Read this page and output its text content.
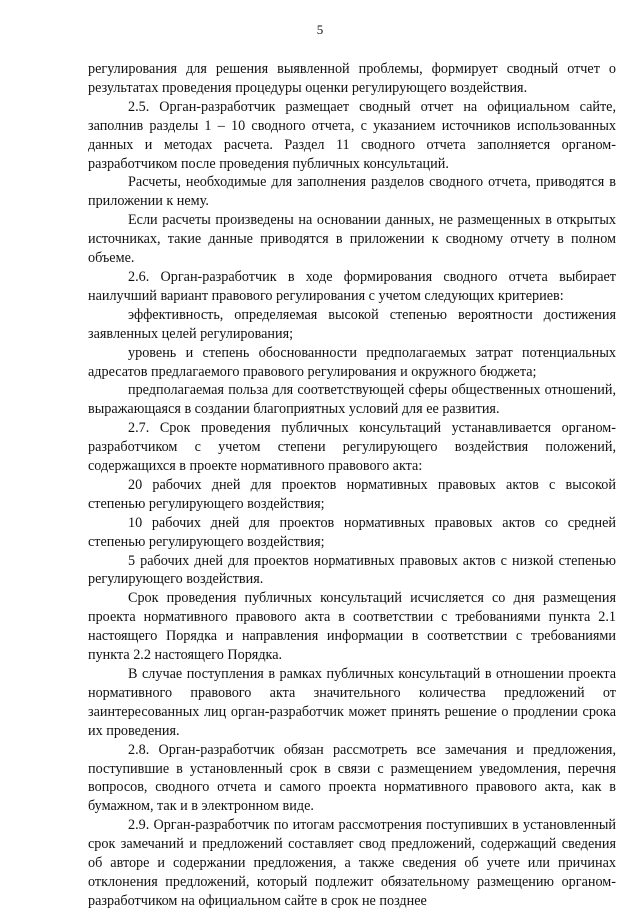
5

регулирования для решения выявленной проблемы, формирует сводный отчет о результатах проведения процедуры оценки регулирующего воздействия.

2.5. Орган-разработчик размещает сводный отчет на официальном сайте, заполнив разделы 1 – 10 сводного отчета, с указанием источников использованных данных и методах расчета. Раздел 11 сводного отчета заполняется органом-разработчиком после проведения публичных консультаций.

Расчеты, необходимые для заполнения разделов сводного отчета, приводятся в приложении к нему.

Если расчеты произведены на основании данных, не размещенных в открытых источниках, такие данные приводятся в приложении к сводному отчету в полном объеме.

2.6. Орган-разработчик в ходе формирования сводного отчета выбирает наилучший вариант правового регулирования с учетом следующих критериев:

эффективность, определяемая высокой степенью вероятности достижения заявленных целей регулирования;

уровень и степень обоснованности предполагаемых затрат потенциальных адресатов предлагаемого правового регулирования и окружного бюджета;

предполагаемая польза для соответствующей сферы общественных отношений, выражающаяся в создании благоприятных условий для ее развития.

2.7. Срок проведения публичных консультаций устанавливается органом-разработчиком с учетом степени регулирующего воздействия положений, содержащихся в проекте нормативного правового акта:

20 рабочих дней для проектов нормативных правовых актов с высокой степенью регулирующего воздействия;

10 рабочих дней для проектов нормативных правовых актов со средней степенью регулирующего воздействия;

5 рабочих дней для проектов нормативных правовых актов с низкой степенью регулирующего воздействия.

Срок проведения публичных консультаций исчисляется со дня размещения проекта нормативного правового акта в соответствии с требованиями пункта 2.1 настоящего Порядка и направления информации в соответствии с требованиями пункта 2.2 настоящего Порядка.

В случае поступления в рамках публичных консультаций в отношении проекта нормативного правового акта значительного количества предложений от заинтересованных лиц орган-разработчик может принять решение о продлении срока их проведения.

2.8. Орган-разработчик обязан рассмотреть все замечания и предложения, поступившие в установленный срок в связи с размещением уведомления, перечня вопросов, сводного отчета и самого проекта нормативного правового акта, как в бумажном, так и в электронном виде.

2.9. Орган-разработчик по итогам рассмотрения поступивших в установленный срок замечаний и предложений составляет свод предложений, содержащий сведения об авторе и содержании предложения, а также сведения об учете или причинах отклонения предложений, который подлежит обязательному размещению органом-разработчиком на официальном сайте в срок не позднее
